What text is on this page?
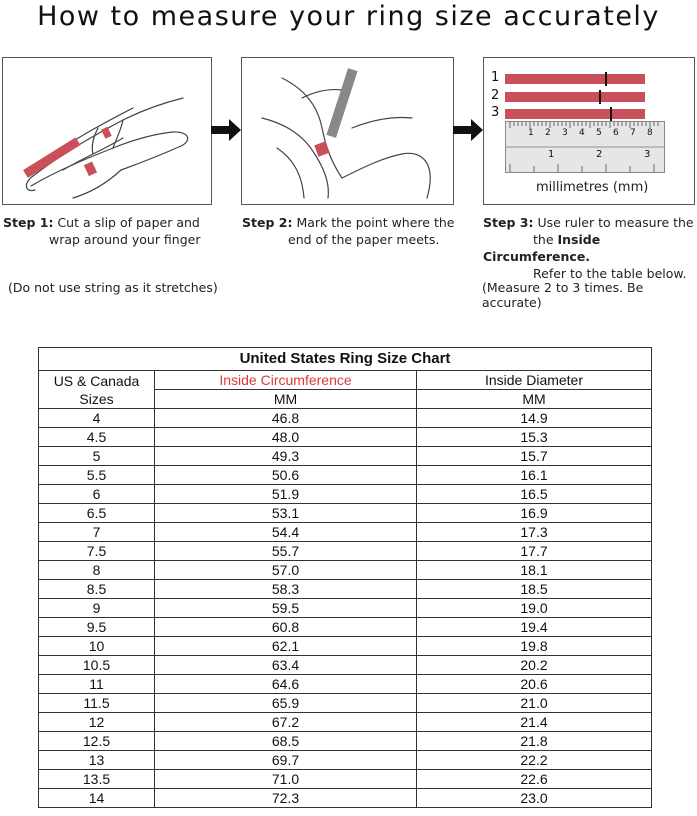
How to measure your ring size accurately
1
2
3
1 2 3 4 5 6 7 8
1	2	3
millimetres (mm)
Step 1: Cut a slip of paper and
wrap around your finger
Step 2: Mark the point where the
end of the paper meets.
Step 3: Use ruler to measure the
the Inside Circumference.
Refer to the table below.
(Do not use string as it stretches)	(Measure 2 to 3 times. Be accurate)
United States Ring Size Chart		
US & Canada Sizes	Inside Circumference	Inside Diameter
	MM	MM
4	46.8	14.9
4.5	48.0	15.3
5	49.3	15.7
5.5	50.6	16.1
6	51.9	16.5
6.5	53.1	16.9
7	54.4	17.3
7.5	55.7	17.7
8	57.0	18.1
8.5	58.3	18.5
9	59.5	19.0
9.5	60.8	19.4
10	62.1	19.8
10.5	63.4	20.2
11	64.6	20.6
11.5	65.9	21.0
12	67.2	21.4
12.5	68.5	21.8
13	69.7	22.2
13.5	71.0	22.6
14	72.3	23.0
